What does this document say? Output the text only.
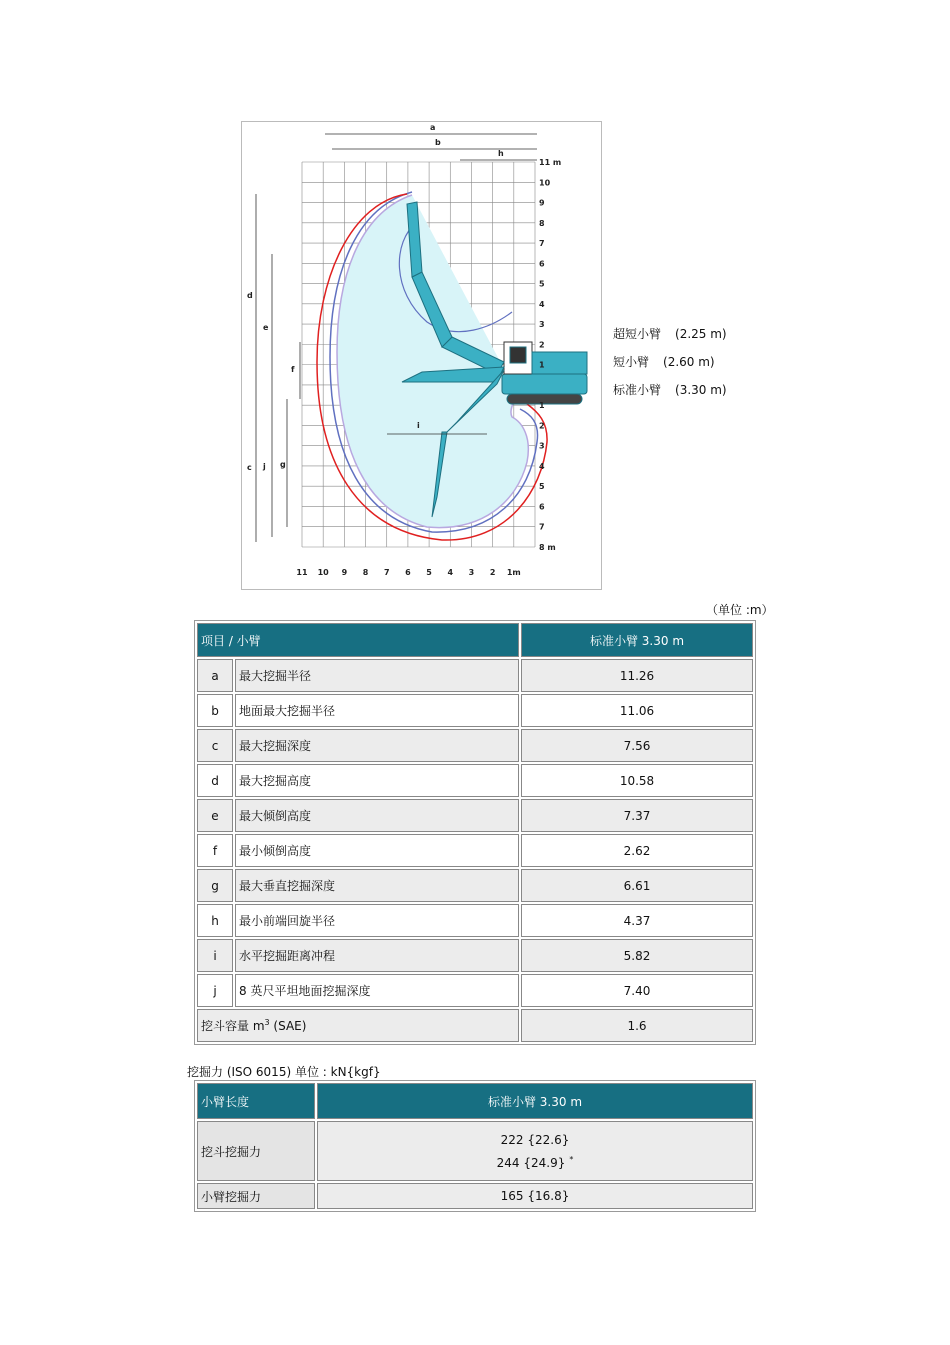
a
b
h
d
e
f
i
c j g
11 m
10
9
8
7
6
5
4
3
2
1
1
2
3
4
5
6
7
8 m
11 10 9 8 7 6 5 4 3 2 1m
超短小臂 (2.25 m)
短小臂 (2.60 m)
标准小臂 (3.30 m)
（单位 :m）
项目 / 小臂		标准小臂 3.30 m
a	最大挖掘半径	11.26
b	地面最大挖掘半径	11.06
c	最大挖掘深度	7.56
d	最大挖掘高度	10.58
e	最大倾倒高度	7.37
f	最小倾倒高度	2.62
g	最大垂直挖掘深度	6.61
h	最小前端回旋半径	4.37
i	水平挖掘距离冲程	5.82
j	8 英尺平坦地面挖掘深度	7.40
挖斗容量 $m^3$ (SAE)		1.6
挖掘力 (ISO 6015) 单位 : kN{kgf}
小臂长度	标准小臂 3.30 m
挖斗挖掘力	222 {22.6}
244 {24.9} *

小臂挖掘力	165 {16.8}
